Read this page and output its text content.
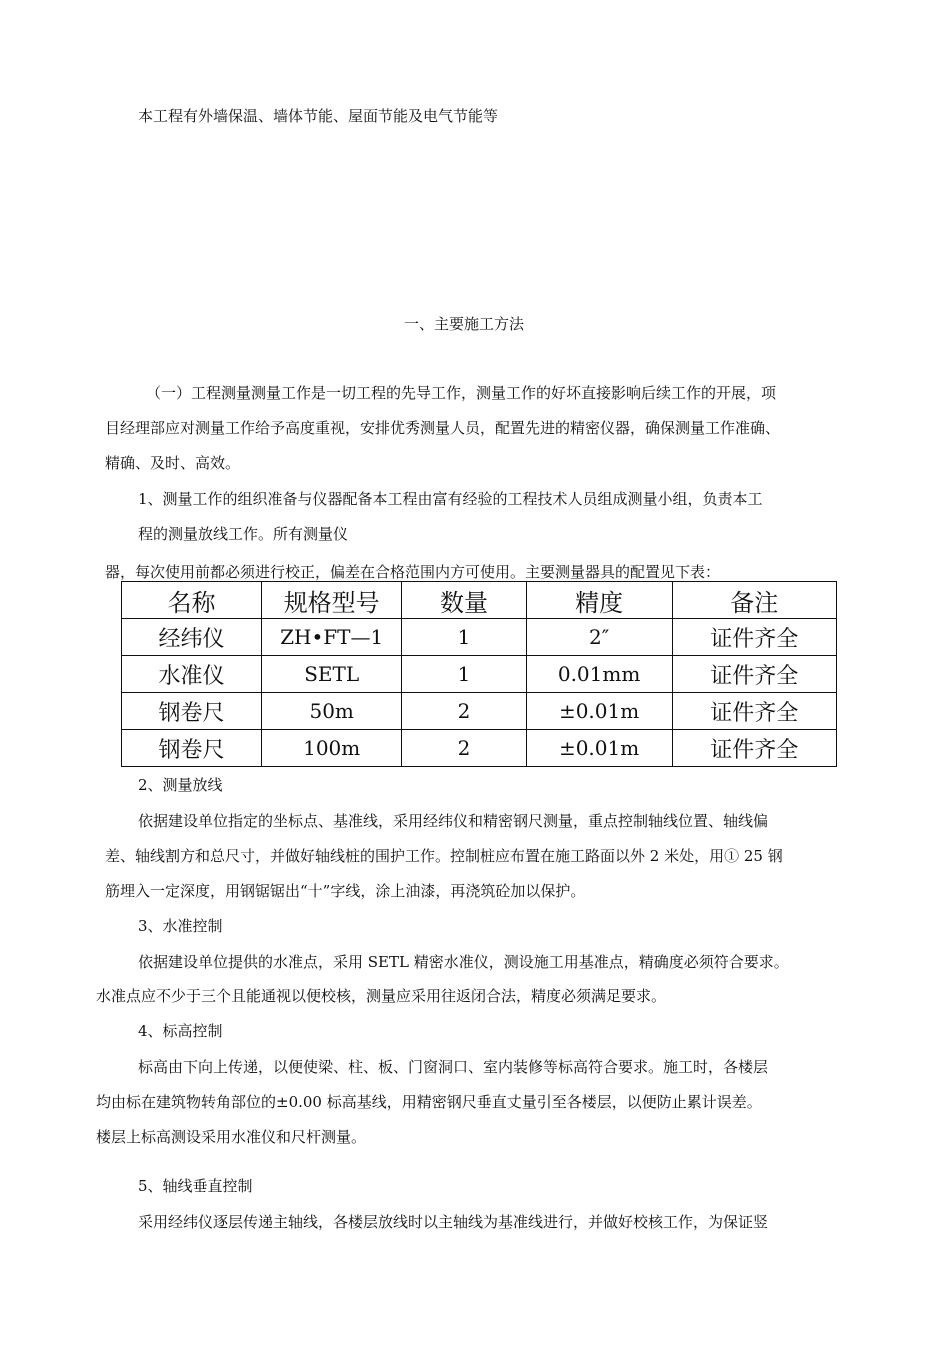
本工程有外墙保温、墙体节能、屋面节能及电气节能等
一、主要施工方法
（一）工程测量测量工作是一切工程的先导工作，测量工作的好坏直接影响后续工作的开展，项
目经理部应对测量工作给予高度重视，安排优秀测量人员，配置先进的精密仪器，确保测量工作准确、
精确、及时、高效。
1、测量工作的组织准备与仪器配备本工程由富有经验的工程技术人员组成测量小组，负责本工
程的测量放线工作。所有测量仪
器，每次使用前都必须进行校正，偏差在合格范围内方可使用。主要测量器具的配置见下表：
名称	规格型号	数量	精度	备注
经纬仪	ZH•FT—1	1	2″	证件齐全
水准仪	SETL	1	0.01mm	证件齐全
钢卷尺	50m	2	±0.01m	证件齐全
钢卷尺	100m	2	±0.01m	证件齐全
2、测量放线
依据建设单位指定的坐标点、基准线，采用经纬仪和精密钢尺测量，重点控制轴线位置、轴线偏
差、轴线割方和总尺寸，并做好轴线桩的围护工作。控制桩应布置在施工路面以外 2 米处，用① 25 钢
筋埋入一定深度，用钢锯锯出“十”字线，涂上油漆，再浇筑砼加以保护。
3、水准控制
依据建设单位提供的水准点，采用 SETL 精密水准仪，测设施工用基准点，精确度必须符合要求。
水准点应不少于三个且能通视以便校核，测量应采用往返闭合法，精度必须满足要求。
4、标高控制
标高由下向上传递，以便使梁、柱、板、门窗洞口、室内装修等标高符合要求。施工时，各楼层
均由标在建筑物转角部位的±0.00 标高基线，用精密钢尺垂直丈量引至各楼层，以便防止累计误差。
楼层上标高测设采用水准仪和尺杆测量。
5、轴线垂直控制
采用经纬仪逐层传递主轴线，各楼层放线时以主轴线为基准线进行，并做好校核工作，为保证竖
